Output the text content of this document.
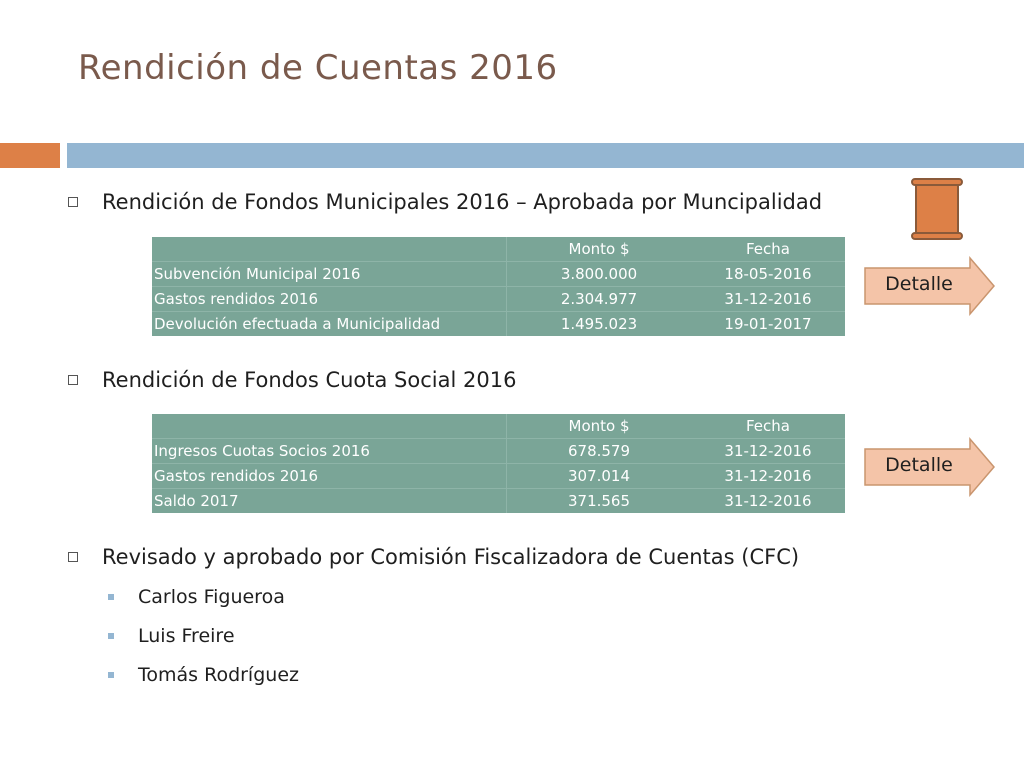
Rendición de Cuentas 2016
Rendición de Fondos Municipales 2016 – Aprobada por Muncipalidad
	Monto $	Fecha
Subvención Municipal 2016	3.800.000	18-05-2016
Gastos rendidos 2016	2.304.977	31-12-2016
Devolución efectuada a Municipalidad	1.495.023	19-01-2017
Detalle
Rendición de Fondos Cuota Social 2016
	Monto $	Fecha
Ingresos Cuotas Socios 2016	678.579	31-12-2016
Gastos rendidos 2016	307.014	31-12-2016
Saldo 2017	371.565	31-12-2016
Detalle
Revisado y aprobado por Comisión Fiscalizadora de Cuentas (CFC)
Carlos Figueroa
Luis Freire
Tomás Rodríguez
